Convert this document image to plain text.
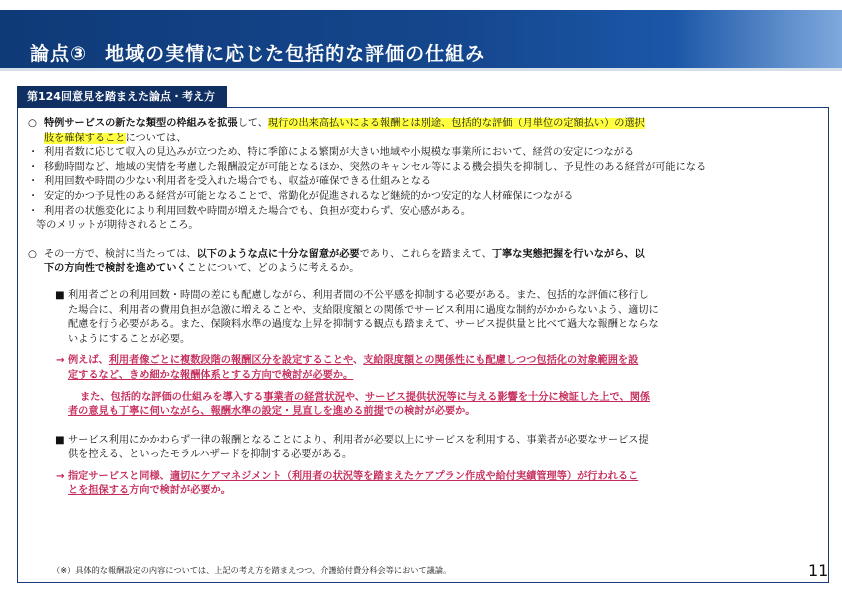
論点③ 地域の実情に応じた包括的な評価の仕組み
第124回意見を踏まえた論点・考え方
○ 特例サービスの新たな類型の枠組みを拡張して、現行の出来高払いによる報酬とは別途、包括的な評価（月単位の定額払い）の選択
肢を確保することについては、
・ 利用者数に応じて収入の見込みが立つため、特に季節による繁閑が大きい地域や小規模な事業所において、経営の安定につながる
・ 移動時間など、地域の実情を考慮した報酬設定が可能となるほか、突然のキャンセル等による機会損失を抑制し、予見性のある経営が可能になる
・ 利用回数や時間の少ない利用者を受入れた場合でも、収益が確保できる仕組みとなる
・ 安定的かつ予見性のある経営が可能となることで、常勤化が促進されるなど継続的かつ安定的な人材確保につながる
・ 利用者の状態変化により利用回数や時間が増えた場合でも、負担が変わらず、安心感がある。
等のメリットが期待されるところ。
○ その一方で、検討に当たっては、以下のような点に十分な留意が必要であり、これらを踏まえて、丁寧な実態把握を行いながら、以
下の方向性で検討を進めていくことについて、どのように考えるか。
■ 利用者ごとの利用回数・時間の差にも配慮しながら、利用者間の不公平感を抑制する必要がある。また、包括的な評価に移行し
た場合に、利用者の費用負担が急激に増えることや、支給限度額との関係でサービス利用に過度な制約がかからないよう、適切に
配慮を行う必要がある。また、保険料水準の過度な上昇を抑制する観点も踏まえて、サービス提供量と比べて過大な報酬とならな
いようにすることが必要。
→ 例えば、利用者像ごとに複数段階の報酬区分を設定することや、支給限度額との関係性にも配慮しつつ包括化の対象範囲を設
定するなど、きめ細かな報酬体系とする方向で検討が必要か。
また、包括的な評価の仕組みを導入する事業者の経営状況や、サービス提供状況等に与える影響を十分に検証した上で、関係
者の意見も丁寧に伺いながら、報酬水準の設定・見直しを進める前提での検討が必要か。
■ サービス利用にかかわらず一律の報酬となることにより、利用者が必要以上にサービスを利用する、事業者が必要なサービス提
供を控える、といったモラルハザードを抑制する必要がある。
→ 指定サービスと同様、適切にケアマネジメント（利用者の状況等を踏まえたケアプラン作成や給付実績管理等）が行われるこ
とを担保する方向で検討が必要か。
（※）具体的な報酬設定の内容については、上記の考え方を踏まえつつ、介護給付費分科会等において議論。	11
